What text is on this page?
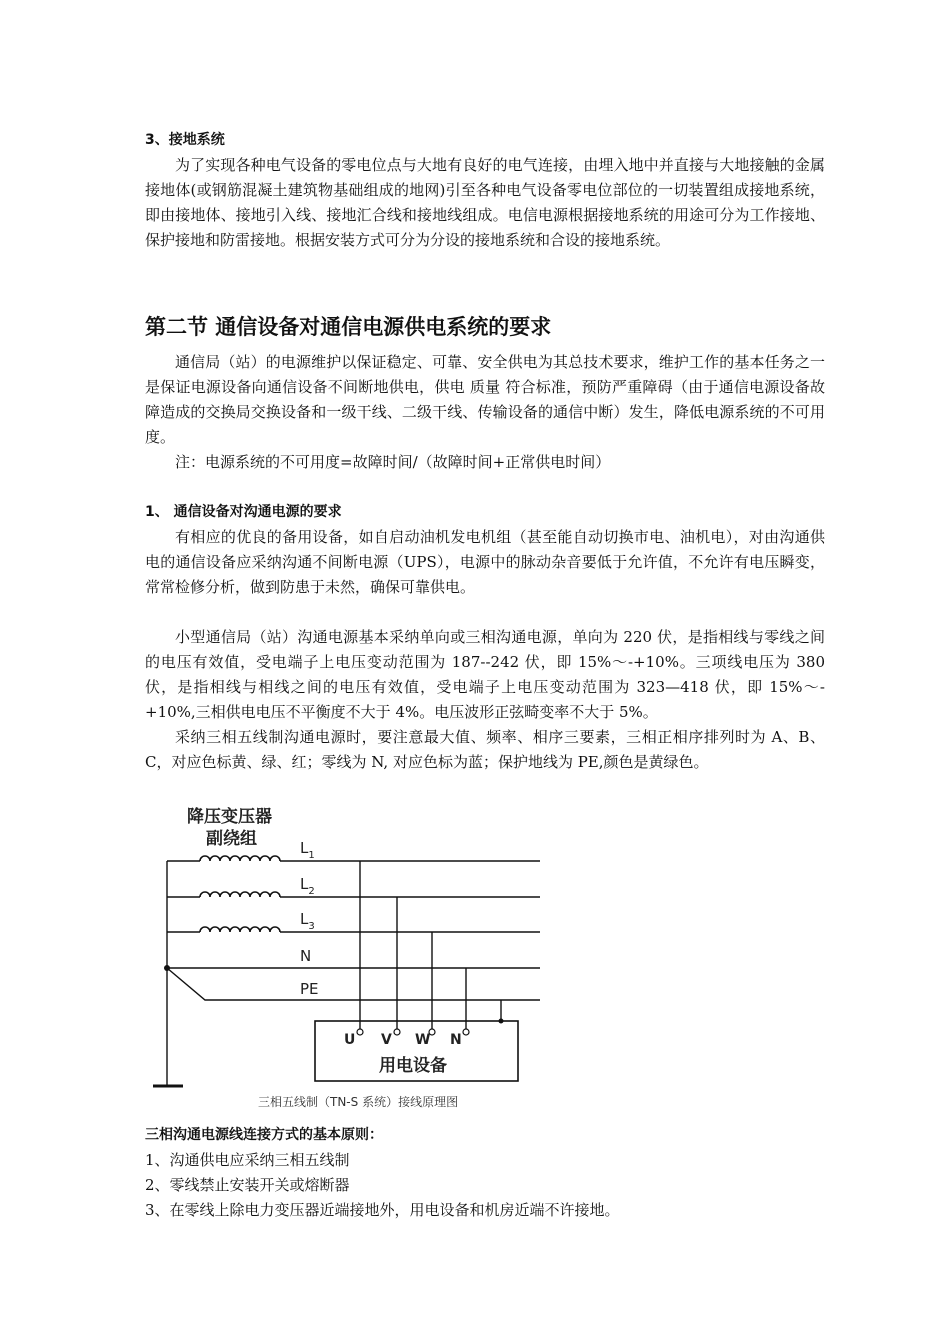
3、接地系统

为了实现各种电气设备的零电位点与大地有良好的电气连接，由埋入地中并直接与大地接触的金属接地体(或钢筋混凝土建筑物基础组成的地网)引至各种电气设备零电位部位的一切装置组成接地系统，即由接地体、接地引入线、接地汇合线和接地线组成。电信电源根据接地系统的用途可分为工作接地、保护接地和防雷接地。根据安装方式可分为分设的接地系统和合设的接地系统。

第二节 通信设备对通信电源供电系统的要求

通信局（站）的电源维护以保证稳定、可靠、安全供电为其总技术要求，维护工作的基本任务之一是保证电源设备向通信设备不间断地供电，供电 质量 符合标准，预防严重障碍（由于通信电源设备故障造成的交换局交换设备和一级干线、二级干线、传输设备的通信中断）发生，降低电源系统的不可用度。

注：电源系统的不可用度=故障时间/（故障时间+正常供电时间）
1、 通信设备对沟通电源的要求

有相应的优良的备用设备，如自启动油机发电机组（甚至能自动切换市电、油机电），对由沟通供电的通信设备应采纳沟通不间断电源（UPS），电源中的脉动杂音要低于允许值，不允许有电压瞬变，常常检修分析，做到防患于未然，确保可靠供电。

小型通信局（站）沟通电源基本采纳单向或三相沟通电源，单向为 220 伏，是指相线与零线之间的电压有效值，受电端子上电压变动范围为 187--242 伏，即 15%～-+10%。三项线电压为 380 伏，是指相线与相线之间的电压有效值，受电端子上电压变动范围为 323—418 伏，即 15%～-+10%,三相供电电压不平衡度不大于 4%。电压波形正弦畸变率不大于 5%。

采纳三相五线制沟通电源时，要注意最大值、频率、相序三要素，三相正相序排列时为 A、B、C，对应色标黄、绿、红；零线为 N, 对应色标为蓝；保护地线为 PE,颜色是黄绿色。

降压变压器
副绕组	$L_1$
$L_2$
$L_3$
N
PE
U V W N
用电设备
三相五线制（TN-S 系统）接线原理图
三相沟通电源线连接方式的基本原则：

1、沟通供电应采纳三相五线制

2、零线禁止安装开关或熔断器

3、在零线上除电力变压器近端接地外，用电设备和机房近端不许接地。
